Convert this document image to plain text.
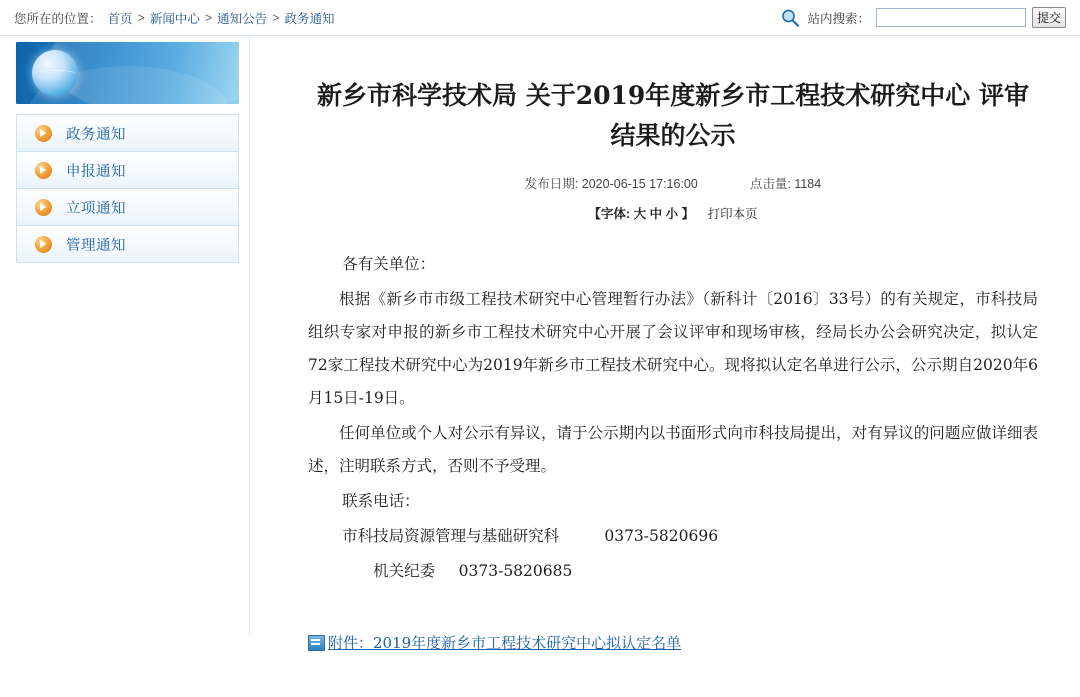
您所在的位置： 首页 > 新闻中心 > 通知公告 > 政务通知	站内搜索：	提交
政务通知
申报通知
立项通知
管理通知
新乡市科学技术局 关于2019年度新乡市工程技术研究中心 评审结果的公示
发布日期: 2020-06-15 17:16:00	点击量: 1184
【字体: 大 中 小 】 打印本页

各有关单位：

根据《新乡市市级工程技术研究中心管理暂行办法》（新科计〔2016〕33号）的有关规定，市科技局组织专家对申报的新乡市工程技术研究中心开展了会议评审和现场审核，经局长办公会研究决定，拟认定72家工程技术研究中心为2019年新乡市工程技术研究中心。现将拟认定名单进行公示，公示期自2020年6月15日-19日。

任何单位或个人对公示有异议，请于公示期内以书面形式向市科技局提出，对有异议的问题应做详细表述，注明联系方式，否则不予受理。

联系电话：

市科技局资源管理与基础研究科	0373-5820696

机关纪委 0373-5820685

附件：2019年度新乡市工程技术研究中心拟认定名单
